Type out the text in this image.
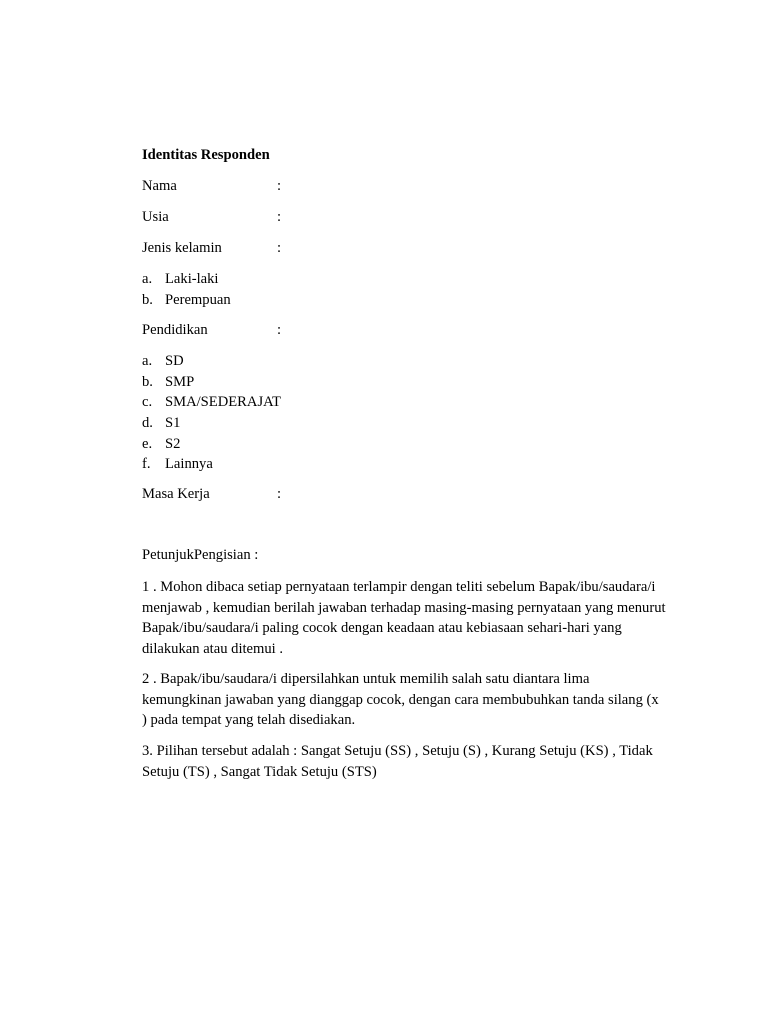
Identitas Responden
Nama	:
Usia	:
Jenis kelamin	:
a. Laki-laki
b. Perempuan
Pendidikan	:
a. SD
b. SMP
c. SMA/SEDERAJAT
d. S1
e. S2
f. Lainnya
Masa Kerja	:
PetunjukPengisian :

1 . Mohon dibaca setiap pernyataan terlampir dengan teliti sebelum Bapak/ibu/saudara/i menjawab , kemudian berilah jawaban terhadap masing-masing pernyataan yang menurut Bapak/ibu/saudara/i paling cocok dengan keadaan atau kebiasaan sehari-hari yang dilakukan atau ditemui .

2 . Bapak/ibu/saudara/i dipersilahkan untuk memilih salah satu diantara lima kemungkinan jawaban yang dianggap cocok, dengan cara membubuhkan tanda silang (x ) pada tempat yang telah disediakan.

3. Pilihan tersebut adalah : Sangat Setuju (SS) , Setuju (S) , Kurang Setuju (KS) , Tidak Setuju (TS) , Sangat Tidak Setuju (STS)
